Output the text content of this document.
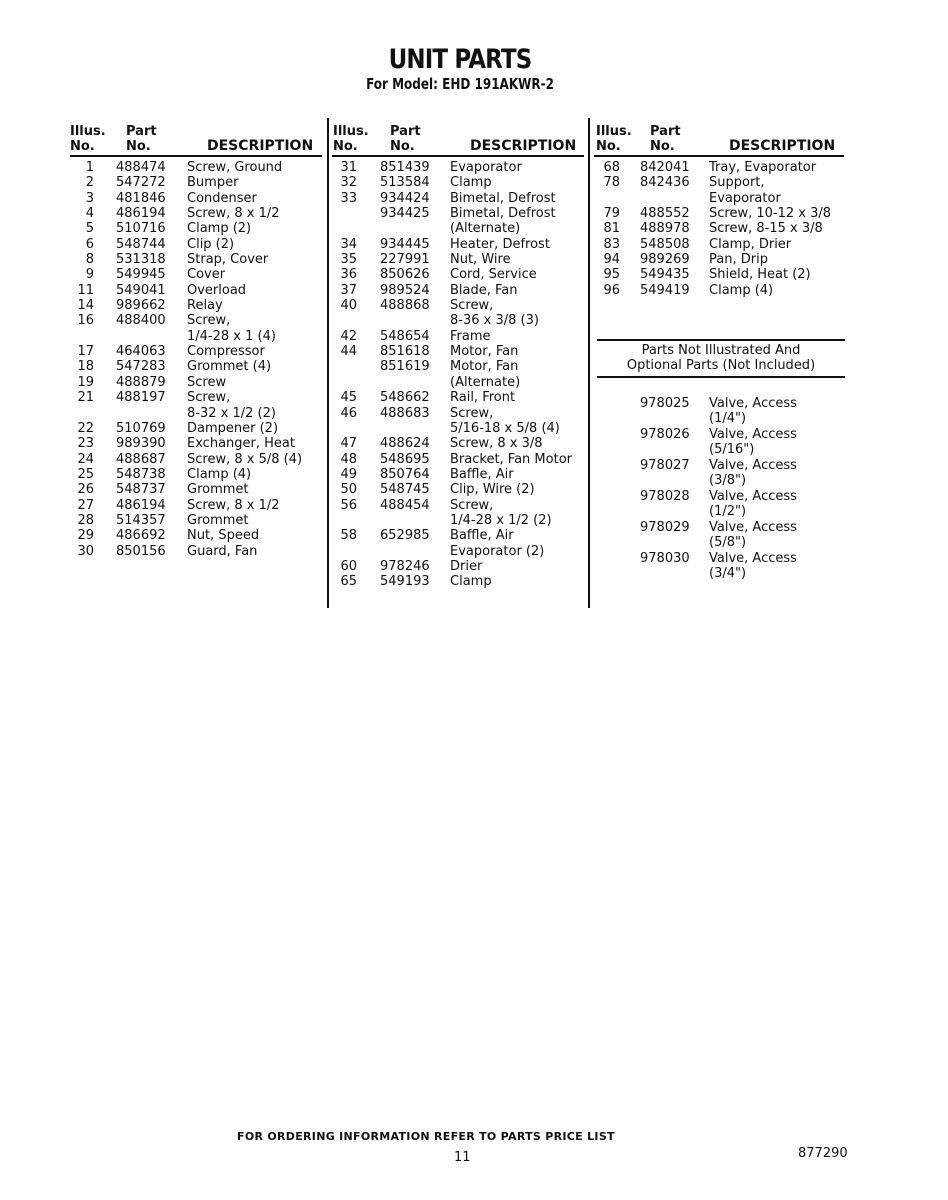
UNIT PARTS
For Model: EHD 191AKWR-2
Illus.
No.
Part
No.	DESCRIPTION
Illus.
No.
Part
No.	DESCRIPTION
Illus.
No.
Part
No.	DESCRIPTION
1 488474 Screw, Ground
2 547272 Bumper
3 481846 Condenser
4 486194 Screw, 8 x 1/2
5 510716 Clamp (2)
6 548744 Clip (2)
8 531318 Strap, Cover
9 549945 Cover
11 549041 Overload
14 989662 Relay
16 488400 Screw,
1/4-28 x 1 (4)
17 464063 Compressor
18 547283 Grommet (4)
19 488879 Screw
21 488197 Screw,
8-32 x 1/2 (2)
22 510769 Dampener (2)
23 989390 Exchanger, Heat
24 488687 Screw, 8 x 5/8 (4)
25 548738 Clamp (4)
26 548737 Grommet
27 486194 Screw, 8 x 1/2
28 514357 Grommet
29 486692 Nut, Speed
30 850156 Guard, Fan
31 851439 Evaporator
32 513584 Clamp
33 934424 Bimetal, Defrost
934425 Bimetal, Defrost
(Alternate)
34 934445 Heater, Defrost
35 227991 Nut, Wire
36 850626 Cord, Service
37 989524 Blade, Fan
40 488868 Screw,
8-36 x 3/8 (3)
42 548654 Frame
44 851618 Motor, Fan
851619 Motor, Fan
(Alternate)
45 548662 Rail, Front
46 488683 Screw,
5/16-18 x 5/8 (4)
47 488624 Screw, 8 x 3/8
48 548695 Bracket, Fan Motor
49 850764 Baffle, Air
50 548745 Clip, Wire (2)
56 488454 Screw,
1/4-28 x 1/2 (2)
58 652985 Baffle, Air
Evaporator (2)
60 978246 Drier
65 549193 Clamp
68 842041 Tray, Evaporator
78 842436 Support,
Evaporator
79 488552 Screw, 10-12 x 3/8
81 488978 Screw, 8-15 x 3/8
83 548508 Clamp, Drier
94 989269 Pan, Drip
95 549435 Shield, Heat (2)
96 549419 Clamp (4)
Parts Not Illustrated And
Optional Parts (Not Included)
978025 Valve, Access
(1/4")
978026 Valve, Access
(5/16")
978027 Valve, Access
(3/8")
978028 Valve, Access
(1/2")
978029 Valve, Access
(5/8")
978030 Valve, Access
(3/4")
FOR ORDERING INFORMATION REFER TO PARTS PRICE LIST
11	877290
